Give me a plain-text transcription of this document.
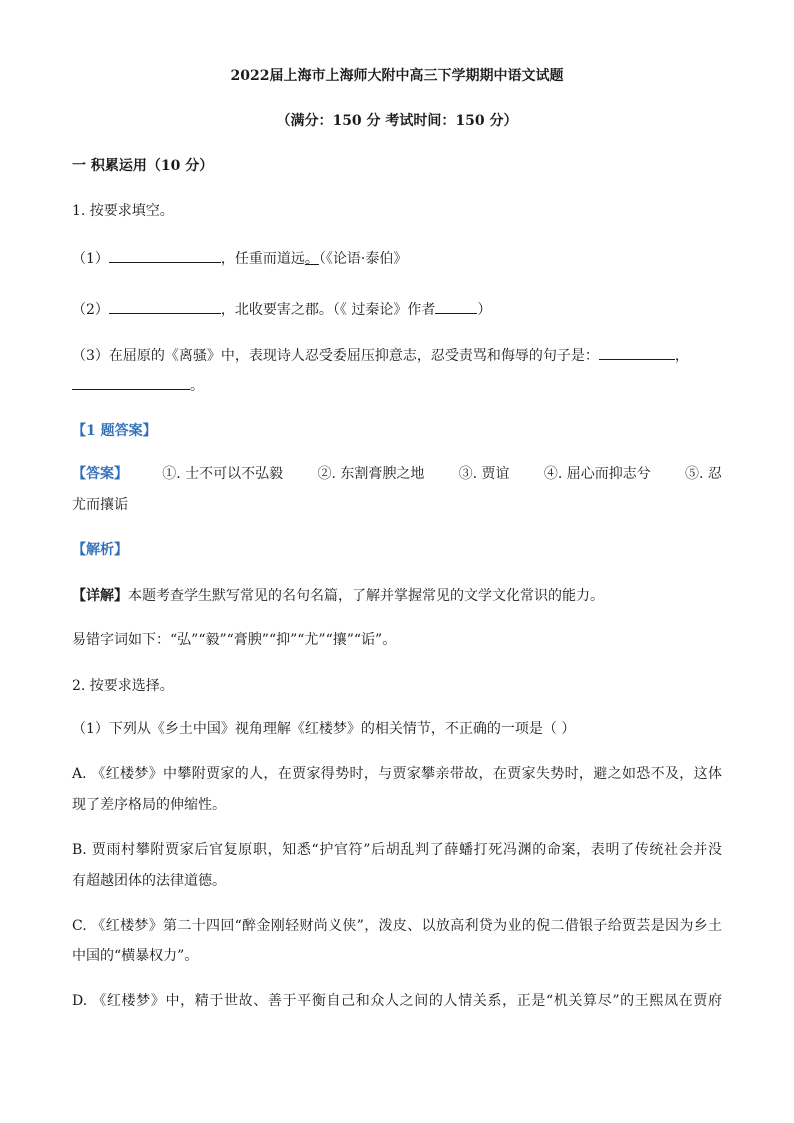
2022届上海市上海师大附中高三下学期期中语文试题
（满分：150 分 考试时间：150 分）
一 积累运用（10 分）
1. 按要求填空。
（1）	，任重而道远。（《论语·泰伯》
（2）	，北收要害之郡。（《 过秦论》作者	）
（3）在屈原的《离骚》中，表现诗人忍受委屈压抑意志，忍受责骂和侮辱的句子是：	，
。
【1 题答案】
【答案】 ①. 士不可以不弘毅 ②. 东割膏腴之地 ③. 贾谊 ④. 屈心而抑志兮 ⑤. 忍
尤而攘诟
【解析】
【详解】本题考查学生默写常见的名句名篇，了解并掌握常见的文学文化常识的能力。
易错字词如下：“弘”“毅”“膏腴”“抑”“尤”“攘”“诟”。
2. 按要求选择。
（1）下列从《乡土中国》视角理解《红楼梦》的相关情节，不正确的一项是（ ）
A. 《红楼梦》中攀附贾家的人，在贾家得势时，与贾家攀亲带故，在贾家失势时，避之如恐不及，这体
现了差序格局的伸缩性。
B. 贾雨村攀附贾家后官复原职，知悉“护官符”后胡乱判了薛蟠打死冯渊的命案，表明了传统社会并没
有超越团体的法律道德。
C. 《红楼梦》第二十四回“醉金刚轻财尚义侠”，泼皮、以放高利贷为业的倪二借银子给贾芸是因为乡土
中国的“横暴权力”。
D. 《红楼梦》中，精于世故、善于平衡自己和众人之间的人情关系，正是“机关算尽”的王熙凤在贾府
